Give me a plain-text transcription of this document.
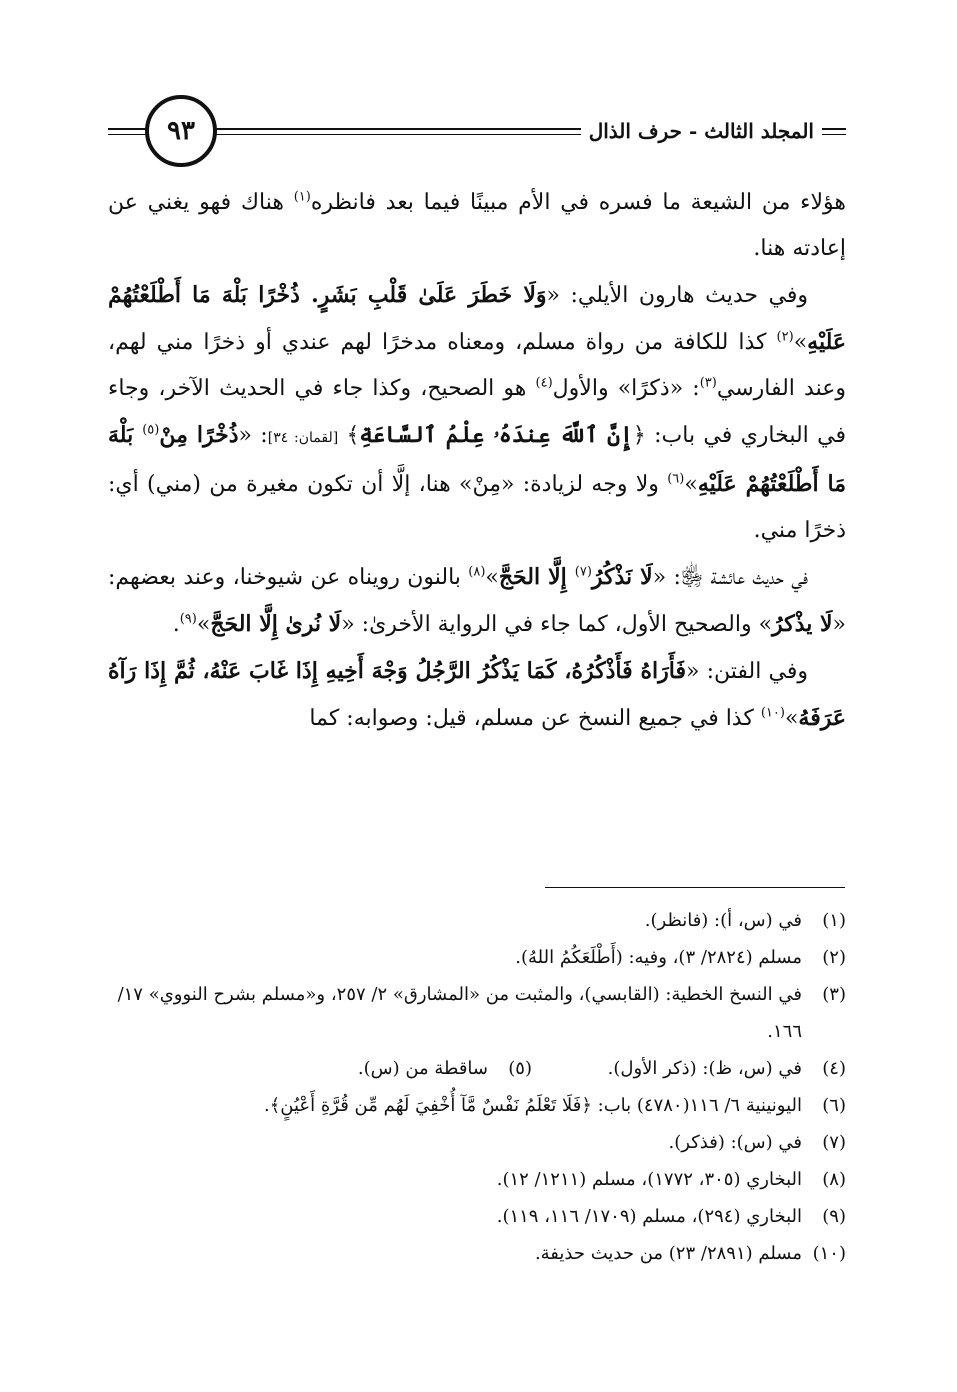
المجلد الثالث - حرف الذال
٩٣

هؤلاء من الشيعة ما فسره في الأم مبينًا فيما بعد فانظره$^{(١)}$ هناك فهو يغني عن إعادته هنا.

وفي حديث هارون الأيلي: «وَلَا خَطَرَ عَلَىٰ قَلْبِ بَشَرٍ. ذُخْرًا بَلْهَ مَا أَطْلَعْتُهُمْ عَلَيْهِ»$^{(٢)}$ كذا للكافة من رواة مسلم، ومعناه مدخرًا لهم عندي أو ذخرًا مني لهم، وعند الفارسي$^{(٣)}$: «ذكرًا» والأول$^{(٤)}$ هو الصحيح، وكذا جاء في الحديث الآخر، وجاء في البخاري في باب: ﴿إِنَّ ٱللَّهَ عِندَهُۥ عِلْمُ ٱلسَّاعَةِ﴾ [لقمان: ٣٤]: «ذُخْرًا مِنْ$^{(٥)}$ بَلْهَ مَا أَطْلَعْتُهُمْ عَلَيْهِ»$^{(٦)}$ ولا وجه لزيادة: «مِنْ» هنا، إلَّا أن تكون مغيرة من (مني) أي: ذخرًا مني.

في حديث عائشة ﵂: «لَا نَذْكُرُ$^{(٧)}$ إِلَّا الحَجَّ»$^{(٨)}$ بالنون رويناه عن شيوخنا، وعند بعضهم: «لَا يذْكرُ» والصحيح الأول، كما جاء في الرواية الأخرىٰ: «لَا نُرىٰ إِلَّا الحَجَّ»$^{(٩)}$.

وفي الفتن: «فَأَرَاهُ فَأَذْكُرُهُ، كَمَا يَذْكُرُ الرَّجُلُ وَجْهَ أَخِيهِ إِذَا غَابَ عَنْهُ، ثُمَّ إِذَا رَآهُ عَرَفَهُ»$^{(١٠)}$ كذا في جميع النسخ عن مسلم، قيل: وصوابه: كما

(١)
في (س، أ): (فانظر).
(٢)
مسلم (٢٨٢٤/ ٣)، وفيه: (أَطْلَعَكُمُ اللهُ).
(٣)
في النسخ الخطية: (القابسي)، والمثبت من «المشارق» ٢/ ٢٥٧، و«مسلم بشرح النووي» ١٧/ ١٦٦.
(٤)
في (س، ظ): (ذكر الأول).
(٥)
ساقطة من (س).
(٦)
اليونينية ٦/ ١١٦(٤٧٨٠) باب: ﴿فَلَا تَعْلَمُ نَفْسٌ مَّآ أُخْفِيَ لَهُم مِّن قُرَّةِ أَعْيُنٍ﴾.
(٧)
في (س): (فذكر).
(٨)
البخاري (٣٠٥، ١٧٧٢)، مسلم (١٢١١/ ١٢).
(٩)
البخاري (٢٩٤)، مسلم (١٧٠٩/ ١١٦، ١١٩).
(١٠)
مسلم (٢٨٩١/ ٢٣) من حديث حذيفة.
